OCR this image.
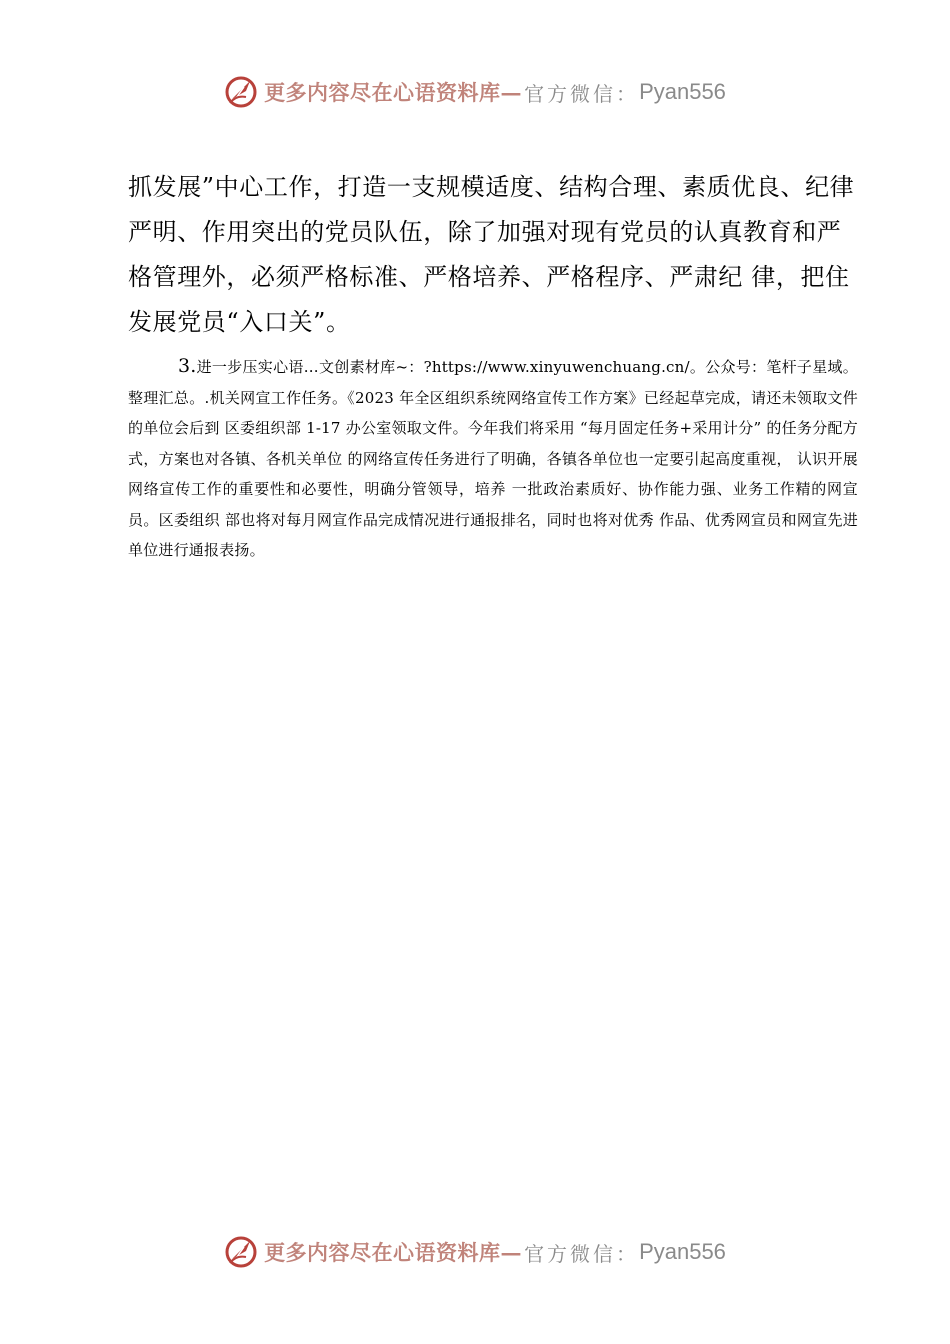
更多内容尽在心语资料库— 官方微信： Pyan556

抓发展”中心工作，打造一支规模适度、结构合理、素质优良、纪律严明、作用突出的党员队伍，除了加强对现有党员的认真教育和严格管理外，必须严格标准、严格培养、严格程序、严肃纪 律，把住发展党员“入口关”。

3.进一步压实心语…文创素材库~：?https://www.xinyuwenchuang.cn/。公众号：笔杆子星域。整理汇总。.机关网宣工作任务。《2023 年全区组织系统网络宣传工作方案》已经起草完成，请还未领取文件的单位会后到 区委组织部 1-17 办公室领取文件。今年我们将采用 “每月固定任务+采用计分” 的任务分配方式，方案也对各镇、各机关单位 的网络宣传任务进行了明确，各镇各单位也一定要引起高度重视， 认识开展网络宣传工作的重要性和必要性，明确分管领导，培养 一批政治素质好、协作能力强、业务工作精的网宣员。区委组织 部也将对每月网宣作品完成情况进行通报排名，同时也将对优秀 作品、优秀网宣员和网宣先进单位进行通报表扬。

更多内容尽在心语资料库— 官方微信： Pyan556
